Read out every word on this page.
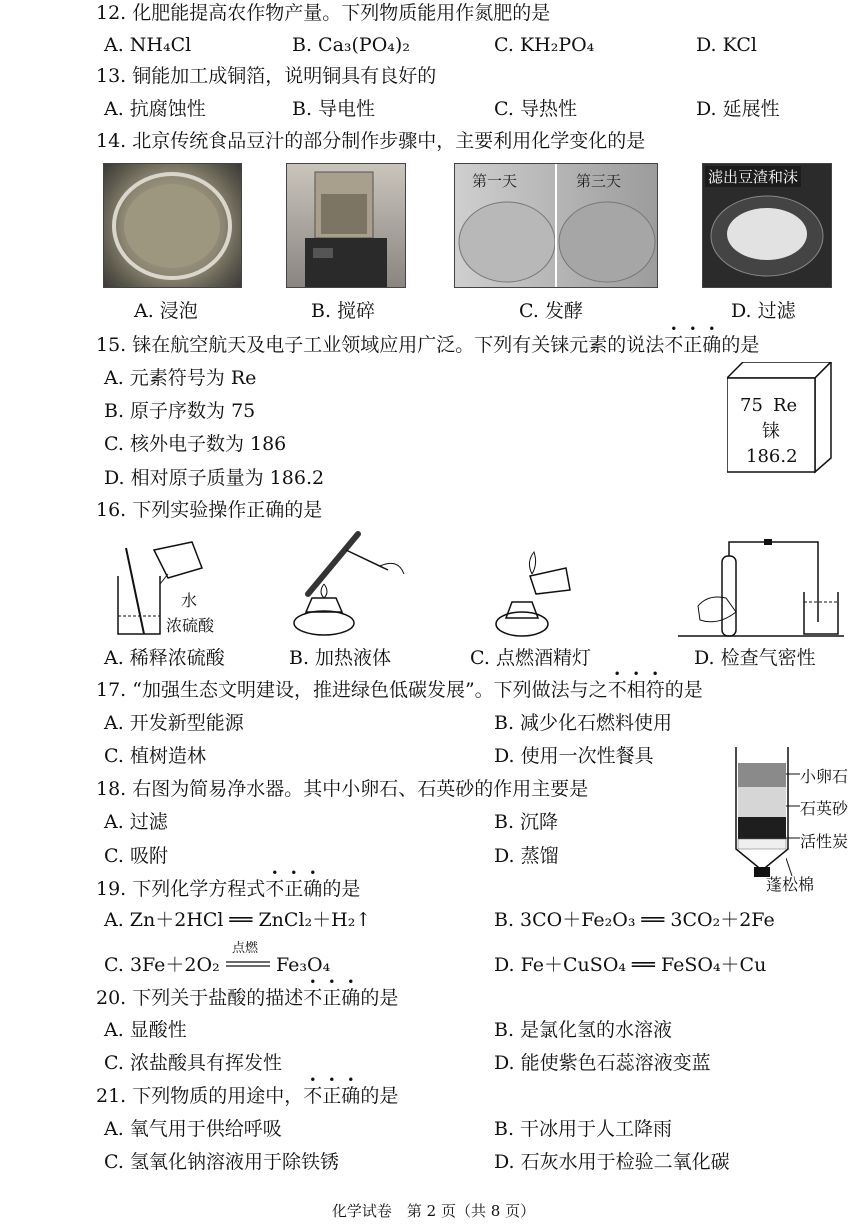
12. 化肥能提高农作物产量。下列物质能用作氮肥的是
A. NH₄Cl	B. Ca₃(PO₄)₂	C. KH₂PO₄	D. KCl
13. 铜能加工成铜箔，说明铜具有良好的
A. 抗腐蚀性	B. 导电性	C. 导热性	D. 延展性
14. 北京传统食品豆汁的部分制作步骤中，主要利用化学变化的是
第一天	第三天	滤出豆渣和沫
A. 浸泡	B. 搅碎	C. 发酵	D. 过滤
15. 铼在航空航天及电子工业领域应用广泛。下列有关铼元素的说法不正确的是
A. 元素符号为 Re
B. 原子序数为 75
C. 核外电子数为 186
D. 相对原子质量为 186.2
75 Re
铼
186.2
16. 下列实验操作正确的是
水
浓硫酸
A. 稀释浓硫酸	B. 加热液体	C. 点燃酒精灯	D. 检查气密性
17. “加强生态文明建设，推进绿色低碳发展”。下列做法与之不相符的是
A. 开发新型能源	B. 减少化石燃料使用
C. 植树造林	D. 使用一次性餐具
18. 右图为简易净水器。其中小卵石、石英砂的作用主要是
A. 过滤	B. 沉降
C. 吸附	D. 蒸馏
小卵石
石英砂
活性炭
蓬松棉
19. 下列化学方程式不正确的是
A. Zn＋2HCl ══ ZnCl₂＋H₂↑	B. 3CO＋Fe₂O₃ ══ 3CO₂＋2Fe
C. 3Fe＋2O₂
点燃
Fe₃O₄	D. Fe＋CuSO₄ ══ FeSO₄＋Cu
20. 下列关于盐酸的描述不正确的是
A. 显酸性	B. 是氯化氢的水溶液
C. 浓盐酸具有挥发性	D. 能使紫色石蕊溶液变蓝
21. 下列物质的用途中，不正确的是
A. 氧气用于供给呼吸	B. 干冰用于人工降雨
C. 氢氧化钠溶液用于除铁锈	D. 石灰水用于检验二氧化碳
化学试卷　第 2 页（共 8 页）
